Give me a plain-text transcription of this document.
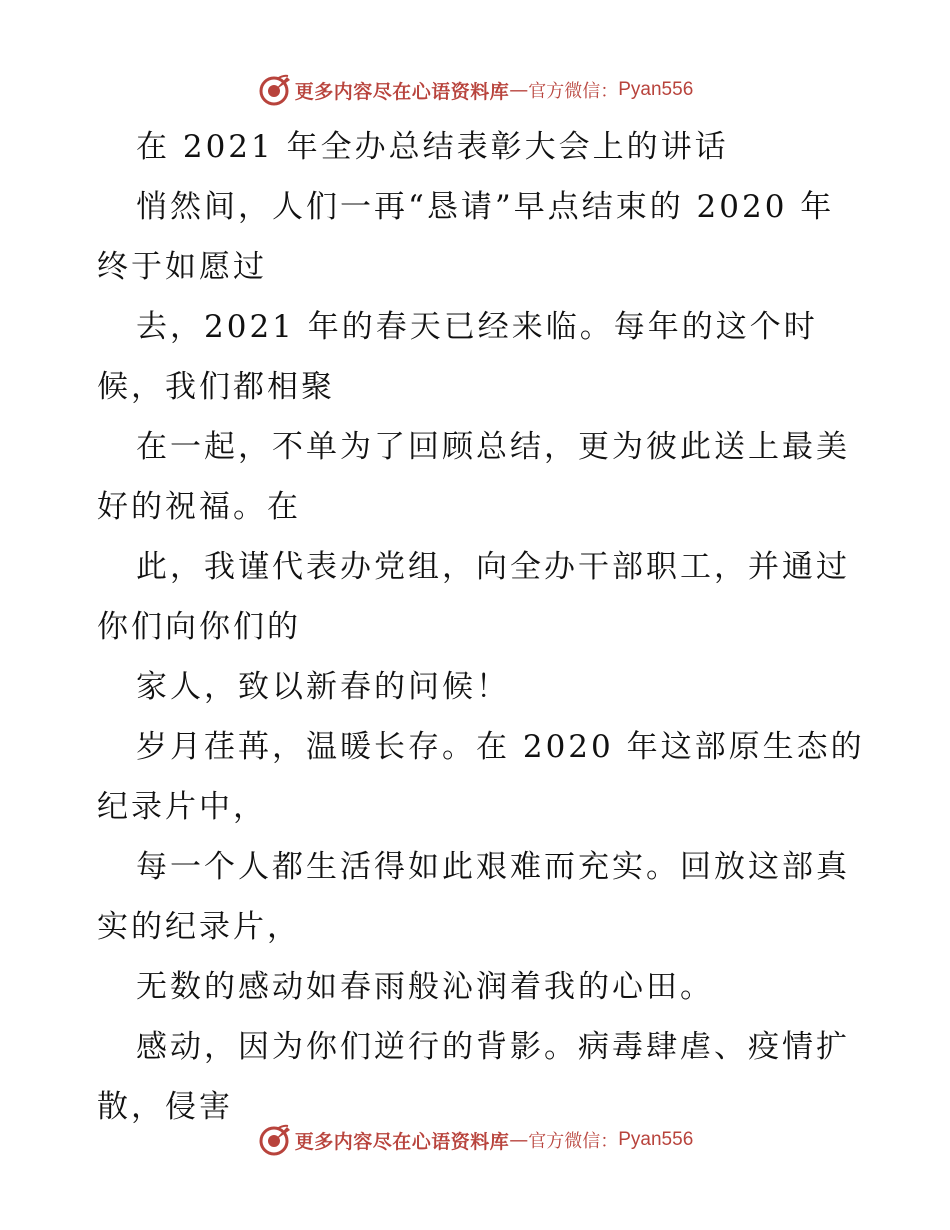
更多内容尽在心语资料库 — 官方微信： Pyan556
在 2021 年全办总结表彰大会上的讲话
悄然间，人们一再“恳请”早点结束的 2020 年
终于如愿过
去，2021 年的春天已经来临。每年的这个时
候，我们都相聚
在一起，不单为了回顾总结，更为彼此送上最美
好的祝福。在
此，我谨代表办党组，向全办干部职工，并通过
你们向你们的
家人，致以新春的问候！
岁月荏苒，温暖长存。在 2020 年这部原生态的
纪录片中，
每一个人都生活得如此艰难而充实。回放这部真
实的纪录片，
无数的感动如春雨般沁润着我的心田。
感动，因为你们逆行的背影。病毒肆虐、疫情扩
散，侵害
更多内容尽在心语资料库 — 官方微信： Pyan556
